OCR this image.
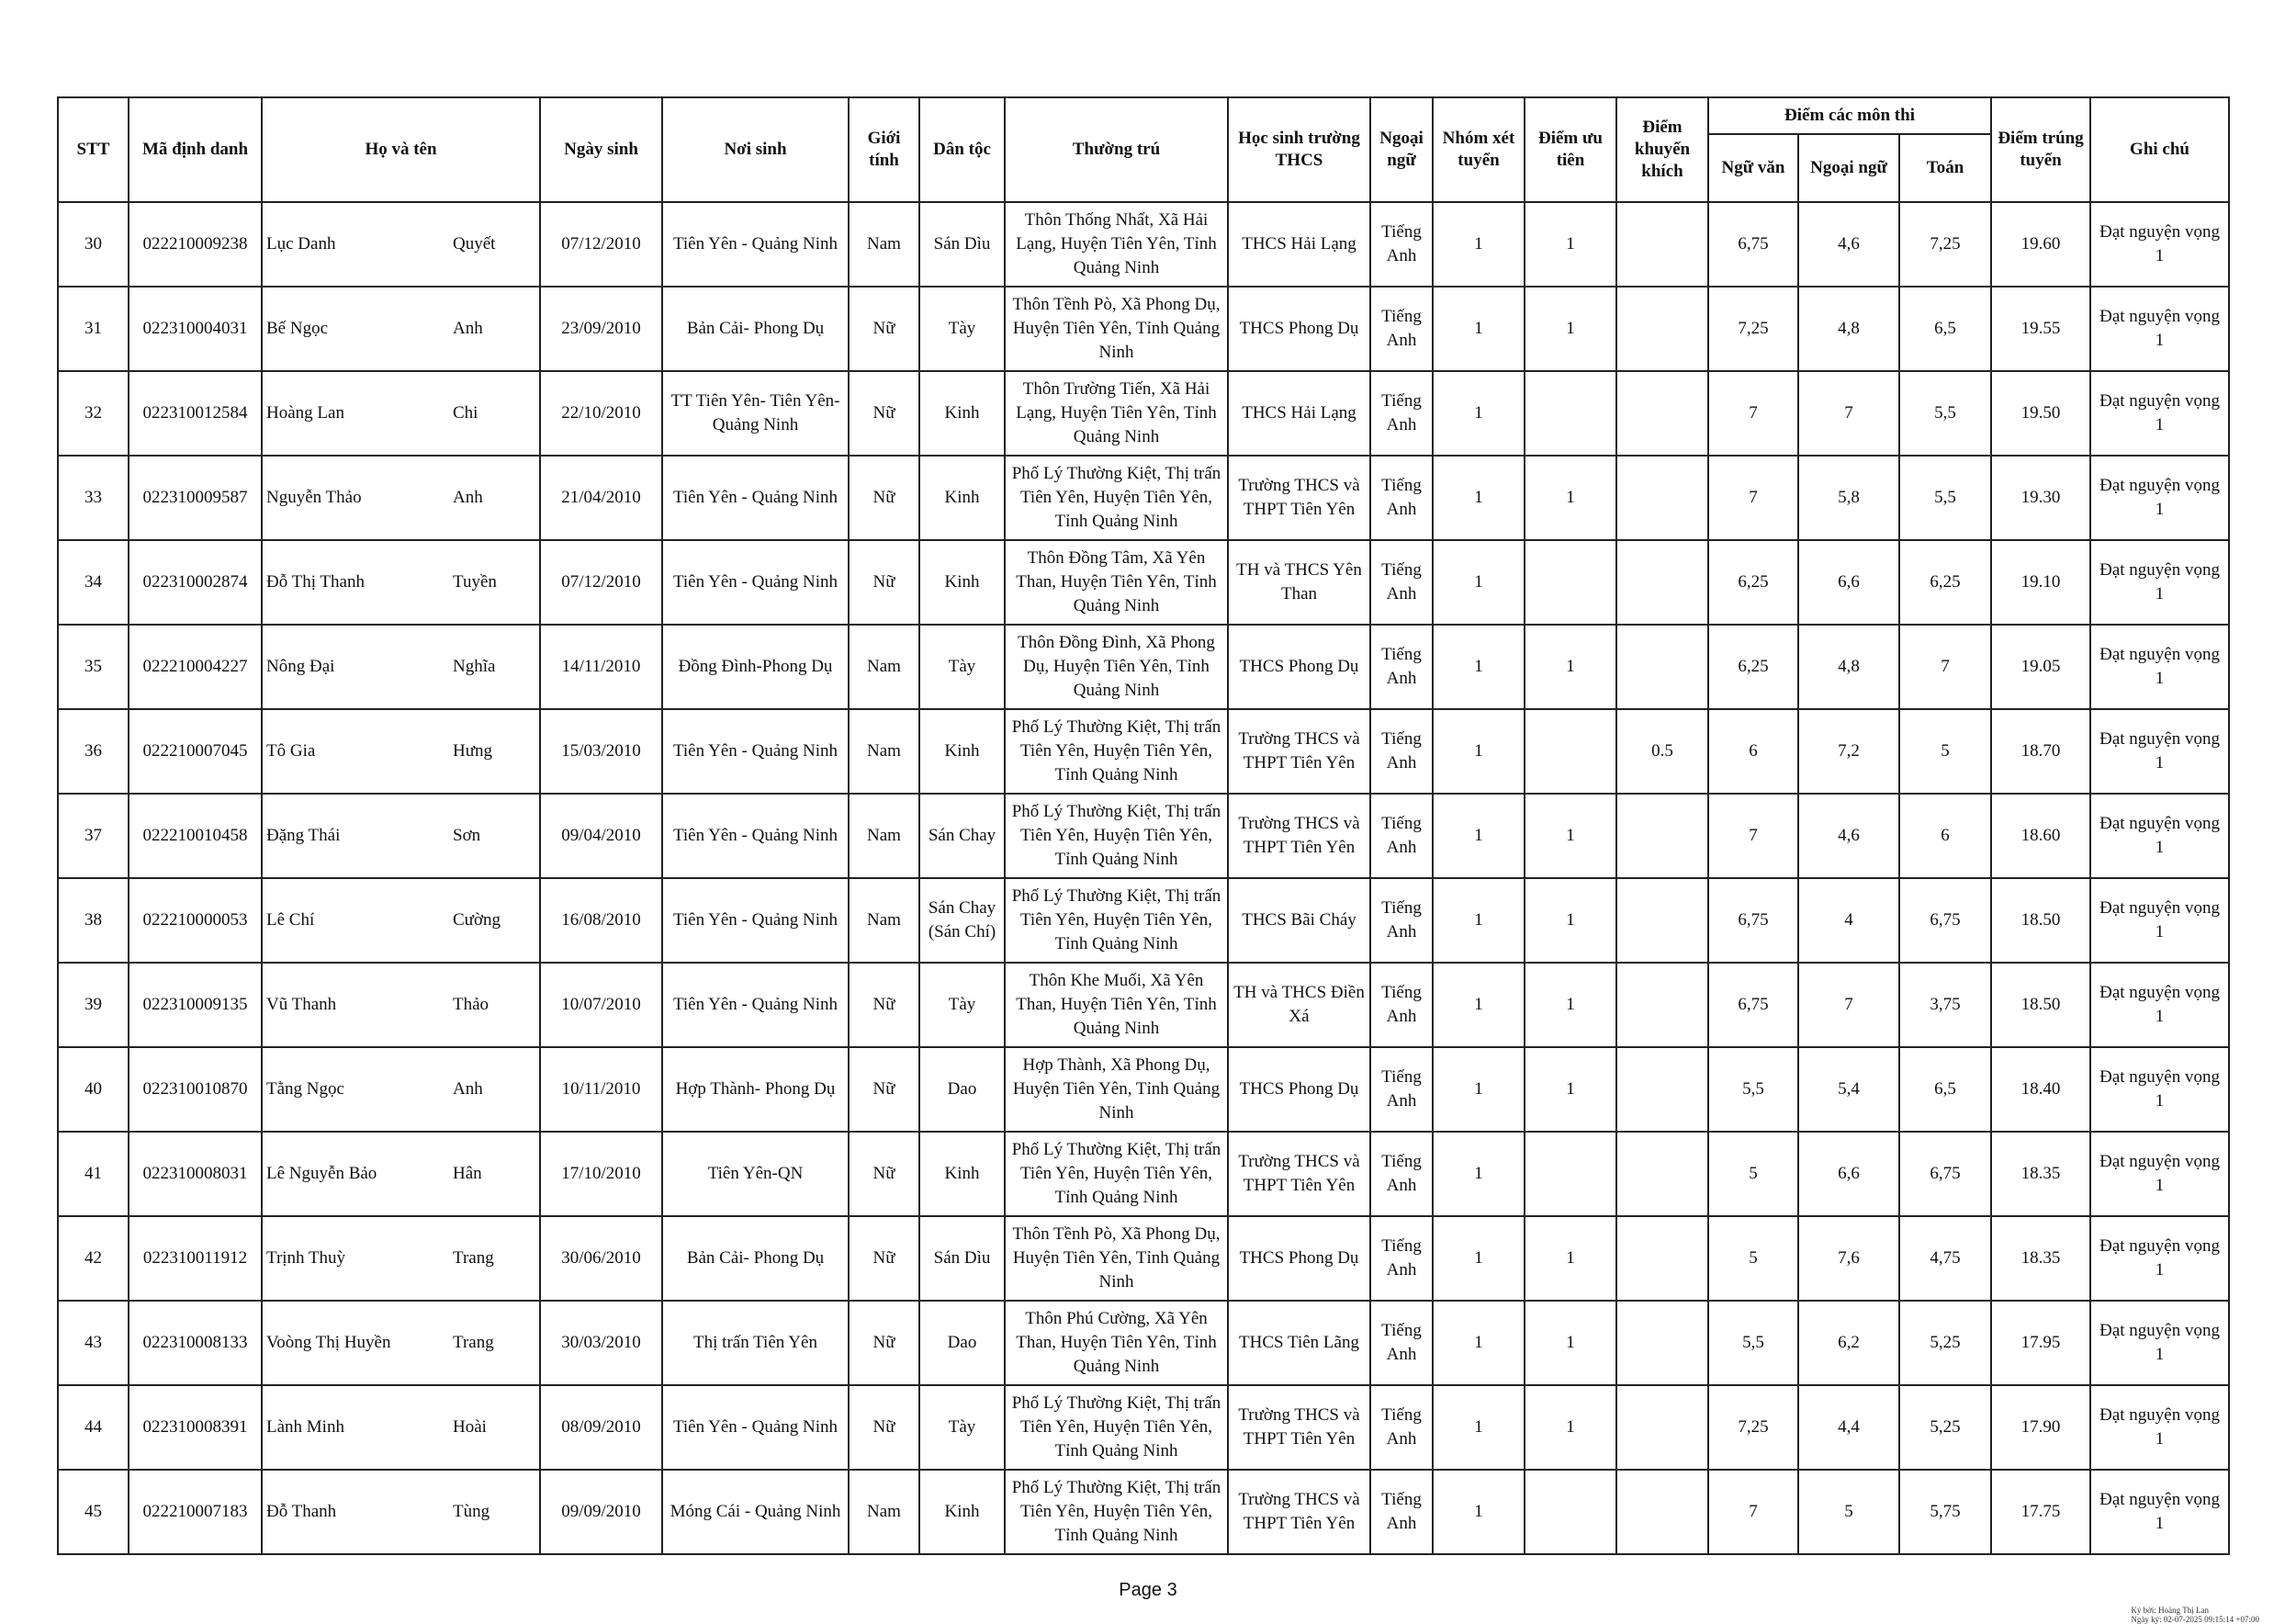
STT	Mã định danh	Họ và tên	Ngày sinh	Nơi sinh	Giới tính	Dân tộc	Thường trú	Học sinh trường THCS	Ngoại ngữ	Nhóm xét tuyển	Điểm ưu tiên	Điểm khuyến khích	Điểm các môn thi			Điểm trúng tuyển	Ghi chú
													Ngữ văn	Ngoại ngữ	Toán		
30	022210009238	Lục Danh Quyết	07/12/2010	Tiên Yên - Quảng Ninh	Nam	Sán Dìu	Thôn Thống Nhất, Xã Hải Lạng, Huyện Tiên Yên, Tỉnh Quảng Ninh	THCS Hải Lạng	Tiếng Anh	1	1		6,75	4,6	7,25	19.60	Đạt nguyện vọng 1
31	022310004031	Bế Ngọc Anh	23/09/2010	Bản Cải- Phong Dụ	Nữ	Tày	Thôn Tềnh Pò, Xã Phong Dụ, Huyện Tiên Yên, Tỉnh Quảng Ninh	THCS Phong Dụ	Tiếng Anh	1	1		7,25	4,8	6,5	19.55	Đạt nguyện vọng 1
32	022310012584	Hoàng Lan Chi	22/10/2010	TT Tiên Yên- Tiên Yên-Quảng Ninh	Nữ	Kinh	Thôn Trường Tiến, Xã Hải Lạng, Huyện Tiên Yên, Tỉnh Quảng Ninh	THCS Hải Lạng	Tiếng Anh	1			7	7	5,5	19.50	Đạt nguyện vọng 1
33	022310009587	Nguyễn Thảo Anh	21/04/2010	Tiên Yên - Quảng Ninh	Nữ	Kinh	Phố Lý Thường Kiệt, Thị trấn Tiên Yên, Huyện Tiên Yên, Tỉnh Quảng Ninh	Trường THCS và THPT Tiên Yên	Tiếng Anh	1	1		7	5,8	5,5	19.30	Đạt nguyện vọng 1
34	022310002874	Đỗ Thị Thanh Tuyền	07/12/2010	Tiên Yên - Quảng Ninh	Nữ	Kinh	Thôn Đồng Tâm, Xã Yên Than, Huyện Tiên Yên, Tỉnh Quảng Ninh	TH và THCS Yên Than	Tiếng Anh	1			6,25	6,6	6,25	19.10	Đạt nguyện vọng 1
35	022210004227	Nông Đại Nghĩa	14/11/2010	Đồng Đình-Phong Dụ	Nam	Tày	Thôn Đồng Đình, Xã Phong Dụ, Huyện Tiên Yên, Tỉnh Quảng Ninh	THCS Phong Dụ	Tiếng Anh	1	1		6,25	4,8	7	19.05	Đạt nguyện vọng 1
36	022210007045	Tô Gia Hưng	15/03/2010	Tiên Yên - Quảng Ninh	Nam	Kinh	Phố Lý Thường Kiệt, Thị trấn Tiên Yên, Huyện Tiên Yên, Tỉnh Quảng Ninh	Trường THCS và THPT Tiên Yên	Tiếng Anh	1		0.5	6	7,2	5	18.70	Đạt nguyện vọng 1
37	022210010458	Đặng Thái Sơn	09/04/2010	Tiên Yên - Quảng Ninh	Nam	Sán Chay	Phố Lý Thường Kiệt, Thị trấn Tiên Yên, Huyện Tiên Yên, Tỉnh Quảng Ninh	Trường THCS và THPT Tiên Yên	Tiếng Anh	1	1		7	4,6	6	18.60	Đạt nguyện vọng 1
38	022210000053	Lê Chí Cường	16/08/2010	Tiên Yên - Quảng Ninh	Nam	Sán Chay (Sán Chí)	Phố Lý Thường Kiệt, Thị trấn Tiên Yên, Huyện Tiên Yên, Tỉnh Quảng Ninh	THCS Bãi Cháy	Tiếng Anh	1	1		6,75	4	6,75	18.50	Đạt nguyện vọng 1
39	022310009135	Vũ Thanh Thảo	10/07/2010	Tiên Yên - Quảng Ninh	Nữ	Tày	Thôn Khe Muối, Xã Yên Than, Huyện Tiên Yên, Tỉnh Quảng Ninh	TH và THCS Điền Xá	Tiếng Anh	1	1		6,75	7	3,75	18.50	Đạt nguyện vọng 1
40	022310010870	Tằng Ngọc Anh	10/11/2010	Hợp Thành- Phong Dụ	Nữ	Dao	Hợp Thành, Xã Phong Dụ, Huyện Tiên Yên, Tỉnh Quảng Ninh	THCS Phong Dụ	Tiếng Anh	1	1		5,5	5,4	6,5	18.40	Đạt nguyện vọng 1
41	022310008031	Lê Nguyễn Bảo Hân	17/10/2010	Tiên Yên-QN	Nữ	Kinh	Phố Lý Thường Kiệt, Thị trấn Tiên Yên, Huyện Tiên Yên, Tỉnh Quảng Ninh	Trường THCS và THPT Tiên Yên	Tiếng Anh	1			5	6,6	6,75	18.35	Đạt nguyện vọng 1
42	022310011912	Trịnh Thuỳ Trang	30/06/2010	Bản Cải- Phong Dụ	Nữ	Sán Dìu	Thôn Tềnh Pò, Xã Phong Dụ, Huyện Tiên Yên, Tỉnh Quảng Ninh	THCS Phong Dụ	Tiếng Anh	1	1		5	7,6	4,75	18.35	Đạt nguyện vọng 1
43	022310008133	Voòng Thị Huyền Trang	30/03/2010	Thị trấn Tiên Yên	Nữ	Dao	Thôn Phú Cường, Xã Yên Than, Huyện Tiên Yên, Tỉnh Quảng Ninh	THCS Tiên Lãng	Tiếng Anh	1	1		5,5	6,2	5,25	17.95	Đạt nguyện vọng 1
44	022310008391	Lành Minh Hoài	08/09/2010	Tiên Yên - Quảng Ninh	Nữ	Tày	Phố Lý Thường Kiệt, Thị trấn Tiên Yên, Huyện Tiên Yên, Tỉnh Quảng Ninh	Trường THCS và THPT Tiên Yên	Tiếng Anh	1	1		7,25	4,4	5,25	17.90	Đạt nguyện vọng 1
45	022210007183	Đỗ Thanh Tùng	09/09/2010	Móng Cái - Quảng Ninh	Nam	Kinh	Phố Lý Thường Kiệt, Thị trấn Tiên Yên, Huyện Tiên Yên, Tỉnh Quảng Ninh	Trường THCS và THPT Tiên Yên	Tiếng Anh	1			7	5	5,75	17.75	Đạt nguyện vọng 1
Page 3
Ký bởi: Hoàng Thị Lan
Ngày ký: 02-07-2025 09:15:14 +07:00
